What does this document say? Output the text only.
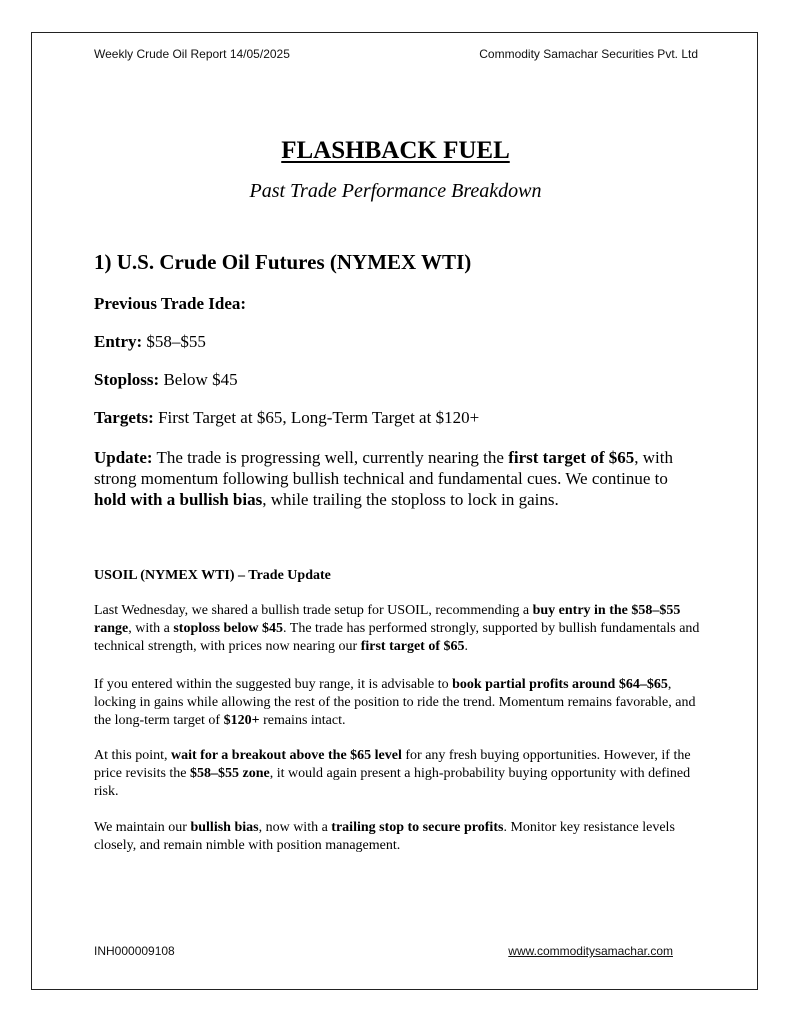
Weekly Crude Oil Report 14/05/2025	Commodity Samachar Securities Pvt. Ltd
FLASHBACK FUEL
Past Trade Performance Breakdown
1) U.S. Crude Oil Futures (NYMEX WTI)
Previous Trade Idea:
Entry: $58–$55
Stoploss: Below $45
Targets: First Target at $65, Long-Term Target at $120+
Update: The trade is progressing well, currently nearing the first target of $65, with strong momentum following bullish technical and fundamental cues. We continue to hold with a bullish bias, while trailing the stoploss to lock in gains.
USOIL (NYMEX WTI) – Trade Update
Last Wednesday, we shared a bullish trade setup for USOIL, recommending a buy entry in the $58–$55 range, with a stoploss below $45. The trade has performed strongly, supported by bullish fundamentals and technical strength, with prices now nearing our first target of $65.
If you entered within the suggested buy range, it is advisable to book partial profits around $64–$65, locking in gains while allowing the rest of the position to ride the trend. Momentum remains favorable, and the long-term target of $120+ remains intact.
At this point, wait for a breakout above the $65 level for any fresh buying opportunities. However, if the price revisits the $58–$55 zone, it would again present a high-probability buying opportunity with defined risk.
We maintain our bullish bias, now with a trailing stop to secure profits. Monitor key resistance levels closely, and remain nimble with position management.
INH000009108	www.commoditysamachar.com
